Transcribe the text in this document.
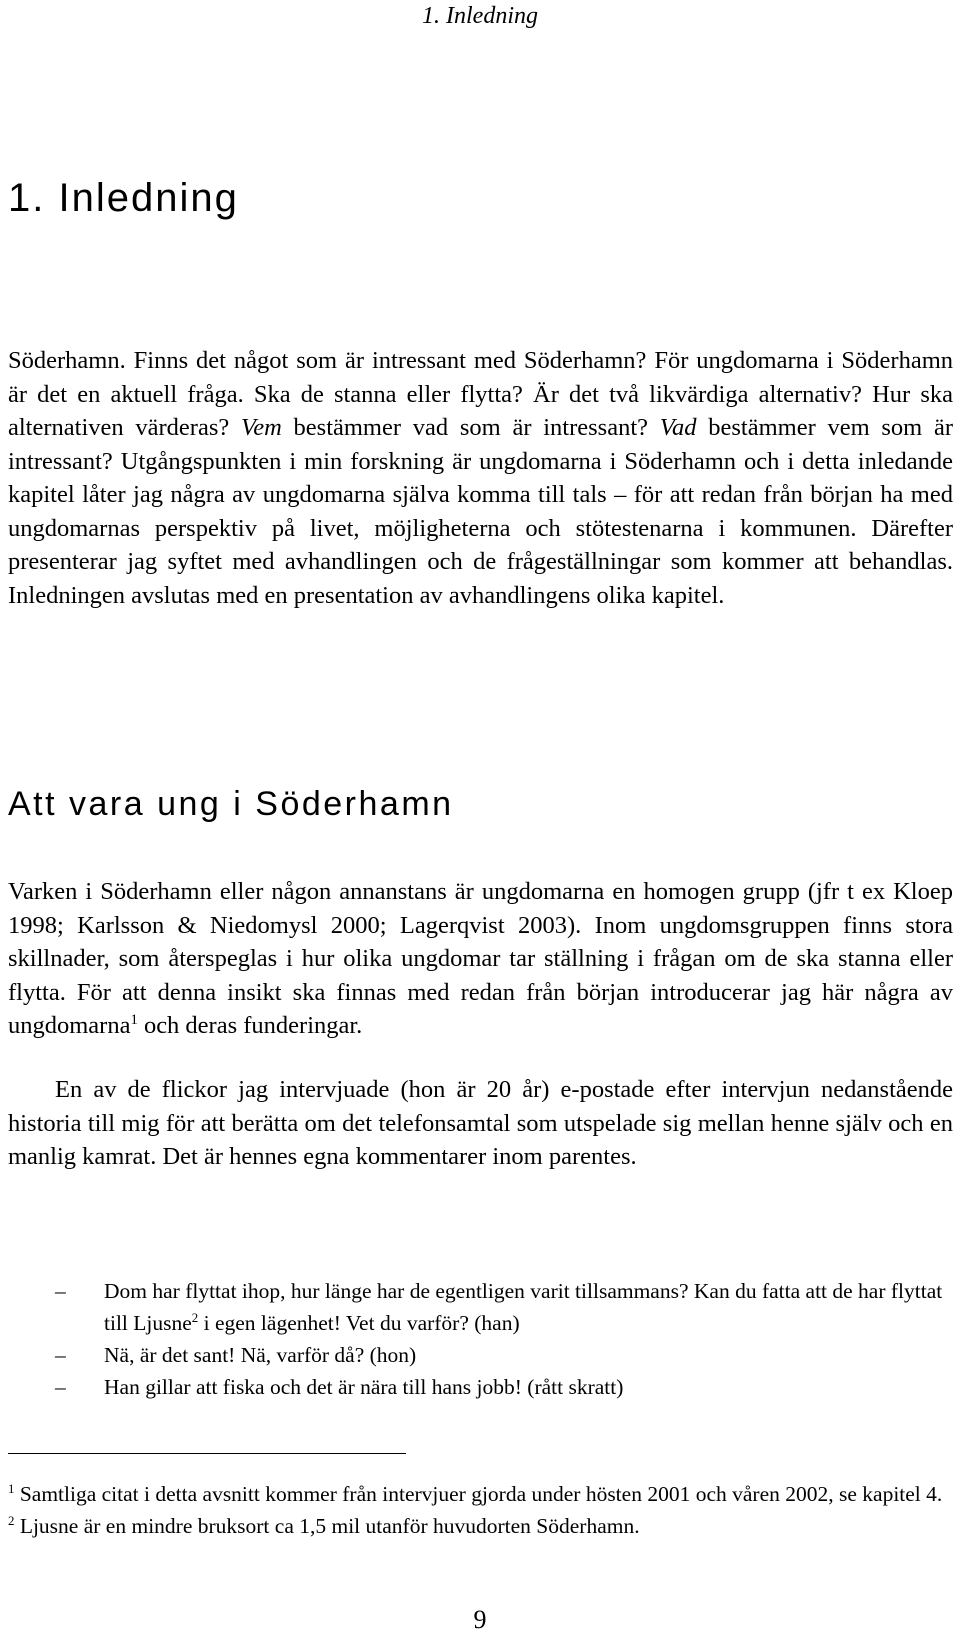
1. Inledning
1. Inledning

Söderhamn. Finns det något som är intressant med Söderhamn? För ungdomarna i Söderhamn är det en aktuell fråga. Ska de stanna eller flytta? Är det två likvärdiga alternativ? Hur ska alternativen värderas? Vem bestämmer vad som är intressant? Vad bestämmer vem som är intressant? Utgångspunkten i min forskning är ungdomarna i Söderhamn och i detta inledande kapitel låter jag några av ungdomarna själva komma till tals – för att redan från början ha med ungdomarnas perspektiv på livet, möjligheterna och stötestenarna i kommunen. Därefter presenterar jag syftet med avhandlingen och de frågeställningar som kommer att behandlas. Inledningen avslutas med en presentation av avhandlingens olika kapitel.

Att vara ung i Söderhamn

Varken i Söderhamn eller någon annanstans är ungdomarna en homogen grupp (jfr t ex Kloep 1998; Karlsson & Niedomysl 2000; Lagerqvist 2003). Inom ungdomsgruppen finns stora skillnader, som återspeglas i hur olika ungdomar tar ställning i frågan om de ska stanna eller flytta. För att denna insikt ska finnas med redan från början introducerar jag här några av ungdomarna$^1$ och deras funderingar.

En av de flickor jag intervjuade (hon är 20 år) e-postade efter intervjun nedanstående historia till mig för att berätta om det telefonsamtal som utspelade sig mellan henne själv och en manlig kamrat. Det är hennes egna kommentarer inom parentes.

– Dom har flyttat ihop, hur länge har de egentligen varit tillsammans? Kan du fatta att de har flyttat till Ljusne$^2$ i egen lägenhet! Vet du varför? (han)
– Nä, är det sant! Nä, varför då? (hon)
– Han gillar att fiska och det är nära till hans jobb! (rått skratt)

$^1$ Samtliga citat i detta avsnitt kommer från intervjuer gjorda under hösten 2001 och våren 2002, se kapitel 4.

$^2$ Ljusne är en mindre bruksort ca 1,5 mil utanför huvudorten Söderhamn.

9
